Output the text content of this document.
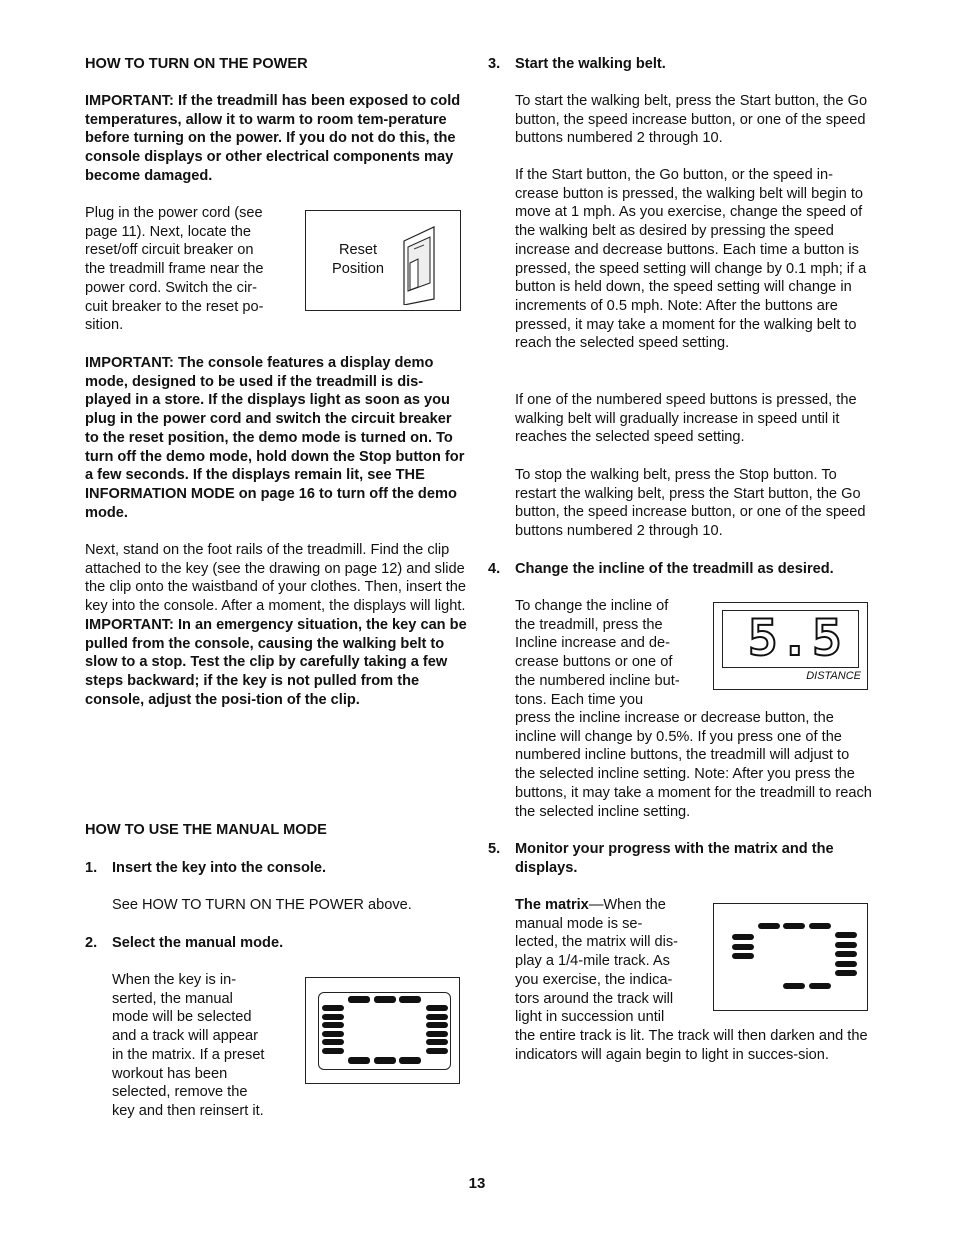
HOW TO TURN ON THE POWER

IMPORTANT: If the treadmill has been exposed to cold temperatures, allow it to warm to room tem-perature before turning on the power. If you do not do this, the console displays or other electrical components may become damaged.

Plug in the power cord (see
page 11). Next, locate the
reset/off circuit breaker on
the treadmill frame near the
power cord. Switch the cir-
cuit breaker to the reset po-
sition.
Reset
Position

IMPORTANT: The console features a display demo mode, designed to be used if the treadmill is dis-played in a store. If the displays light as soon as you plug in the power cord and switch the circuit breaker to the reset position, the demo mode is turned on. To turn off the demo mode, hold down the Stop button for a few seconds. If the displays remain lit, see THE INFORMATION MODE on page 16 to turn off the demo mode.

Next, stand on the foot rails of the treadmill. Find the clip attached to the key (see the drawing on page 12) and slide the clip onto the waistband of your clothes. Then, insert the key into the console. After a moment, the displays will light. IMPORTANT: In an emergency situation, the key can be pulled from the console, causing the walking belt to slow to a stop. Test the clip by carefully taking a few steps backward; if the key is not pulled from the console, adjust the posi-tion of the clip.

HOW TO USE THE MANUAL MODE
1. Insert the key into the console.
See HOW TO TURN ON THE POWER above.
2. Select the manual mode.
When the key is in-
serted, the manual
mode will be selected
and a track will appear
in the matrix. If a preset
workout has been
selected, remove the
key and then reinsert it.
3. Start the walking belt.

To start the walking belt, press the Start button, the Go button, the speed increase button, or one of the speed buttons numbered 2 through 10.

If the Start button, the Go button, or the speed in-crease button is pressed, the walking belt will begin to move at 1 mph. As you exercise, change the speed of the walking belt as desired by pressing the speed increase and decrease buttons. Each time a button is pressed, the speed setting will change by 0.1 mph; if a button is held down, the speed setting will change in increments of 0.5 mph. Note: After the buttons are pressed, it may take a moment for the walking belt to reach the selected speed setting.

If one of the numbered speed buttons is pressed, the walking belt will gradually increase in speed until it reaches the selected speed setting.

To stop the walking belt, press the Stop button. To restart the walking belt, press the Start button, the Go button, the speed increase button, or one of the speed buttons numbered 2 through 10.

4. Change the incline of the treadmill as desired.
To change the incline of
the treadmill, press the
Incline increase and de-
crease buttons or one of
the numbered incline but-
tons. Each time you

press the incline increase or decrease button, the incline will change by 0.5%. If you press one of the numbered incline buttons, the treadmill will adjust to the selected incline setting. Note: After you press the buttons, it may take a moment for the treadmill to reach the selected incline setting.

5.5
DISTANCE
5. Monitor your progress with the matrix and the displays.
The matrix—When the
manual mode is se-
lected, the matrix will dis-
play a 1/4-mile track. As
you exercise, the indica-
tors around the track will
light in succession until

the entire track is lit. The track will then darken and the indicators will again begin to light in succes-sion.

13
